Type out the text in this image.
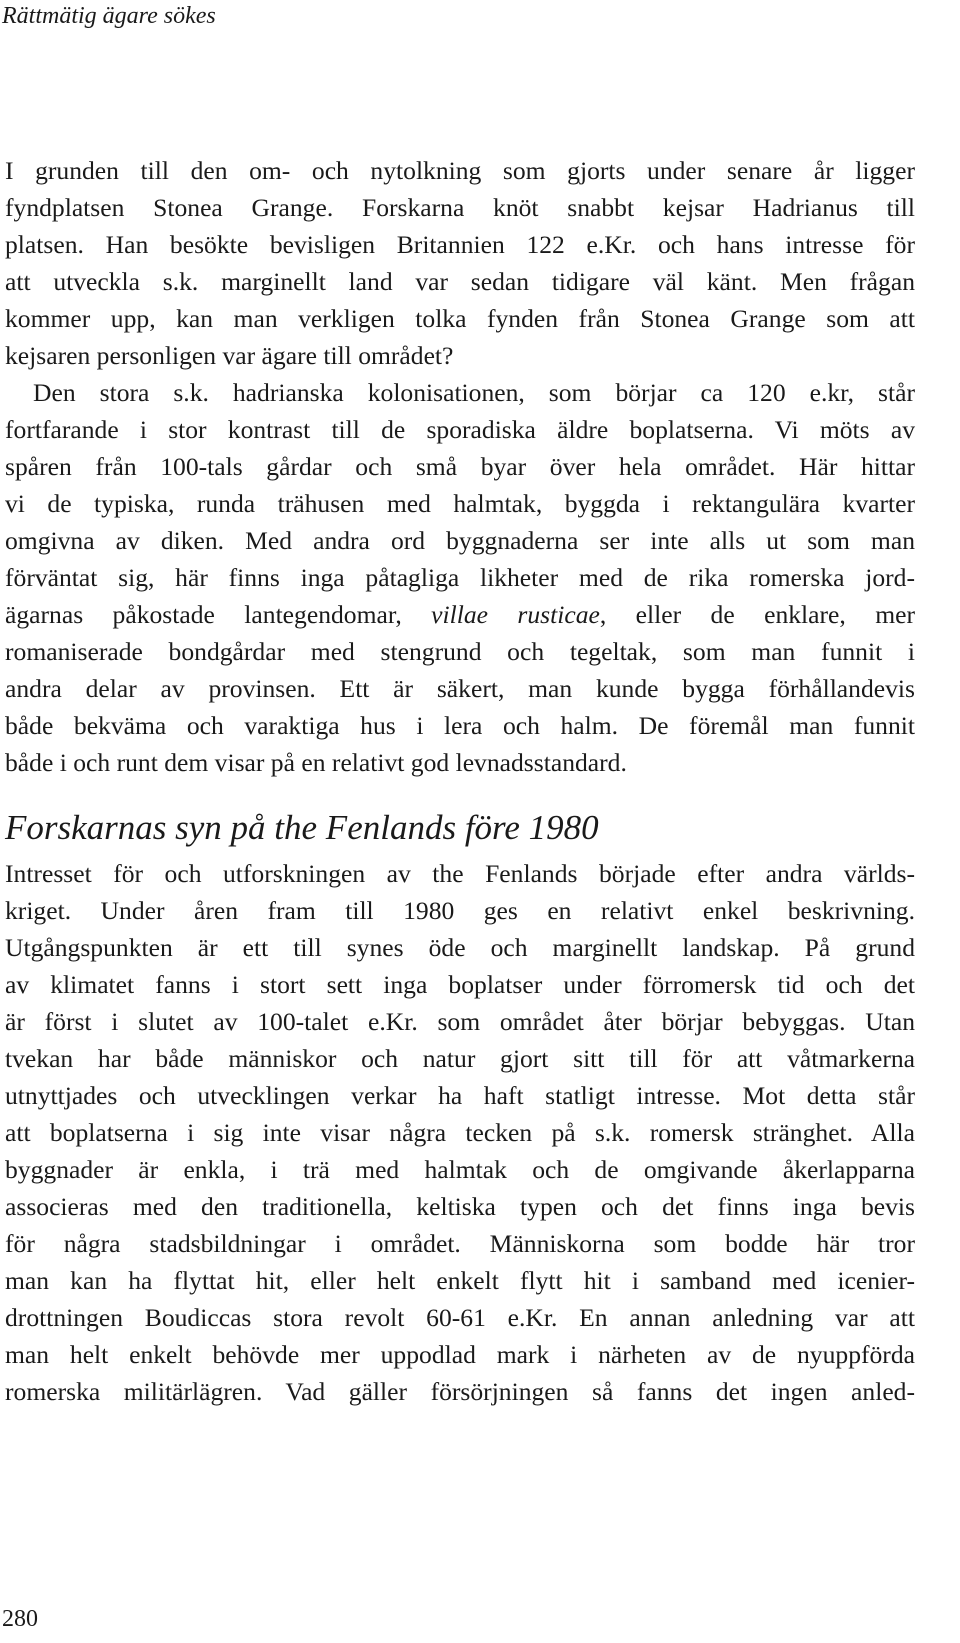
Rättmätig ägare sökes
I grunden till den om- och nytolkning som gjorts under senare år ligger
fyndplatsen Stonea Grange. Forskarna knöt snabbt kejsar Hadrianus till
platsen. Han besökte bevisligen Britannien 122 e.Kr. och hans intresse för
att utveckla s.k. marginellt land var sedan tidigare väl känt. Men frågan
kommer upp, kan man verkligen tolka fynden från Stonea Grange som att
kejsaren personligen var ägare till området?
Den stora s.k. hadrianska kolonisationen, som börjar ca 120 e.kr, står
fortfarande i stor kontrast till de sporadiska äldre boplatserna. Vi möts av
spåren från 100-tals gårdar och små byar över hela området. Här hittar
vi de typiska, runda trähusen med halmtak, byggda i rektangulära kvarter
omgivna av diken. Med andra ord byggnaderna ser inte alls ut som man
förväntat sig, här finns inga påtagliga likheter med de rika romerska jord-
ägarnas påkostade lantegendomar, villae rusticae, eller de enklare, mer
romaniserade bondgårdar med stengrund och tegeltak, som man funnit i
andra delar av provinsen. Ett är säkert, man kunde bygga förhållandevis
både bekväma och varaktiga hus i lera och halm. De föremål man funnit
både i och runt dem visar på en relativt god levnadsstandard.
Forskarnas syn på the Fenlands före 1980
Intresset för och utforskningen av the Fenlands började efter andra världs-
kriget. Under åren fram till 1980 ges en relativt enkel beskrivning.
Utgångspunkten är ett till synes öde och marginellt landskap. På grund
av klimatet fanns i stort sett inga boplatser under förromersk tid och det
är först i slutet av 100-talet e.Kr. som området åter börjar bebyggas. Utan
tvekan har både människor och natur gjort sitt till för att våtmarkerna
utnyttjades och utvecklingen verkar ha haft statligt intresse. Mot detta står
att boplatserna i sig inte visar några tecken på s.k. romersk stränghet. Alla
byggnader är enkla, i trä med halmtak och de omgivande åkerlapparna
associeras med den traditionella, keltiska typen och det finns inga bevis
för några stadsbildningar i området. Människorna som bodde här tror
man kan ha flyttat hit, eller helt enkelt flytt hit i samband med icenier-
drottningen Boudiccas stora revolt 60-61 e.Kr. En annan anledning var att
man helt enkelt behövde mer uppodlad mark i närheten av de nyuppförda
romerska militärlägren. Vad gäller försörjningen så fanns det ingen anled-
280
